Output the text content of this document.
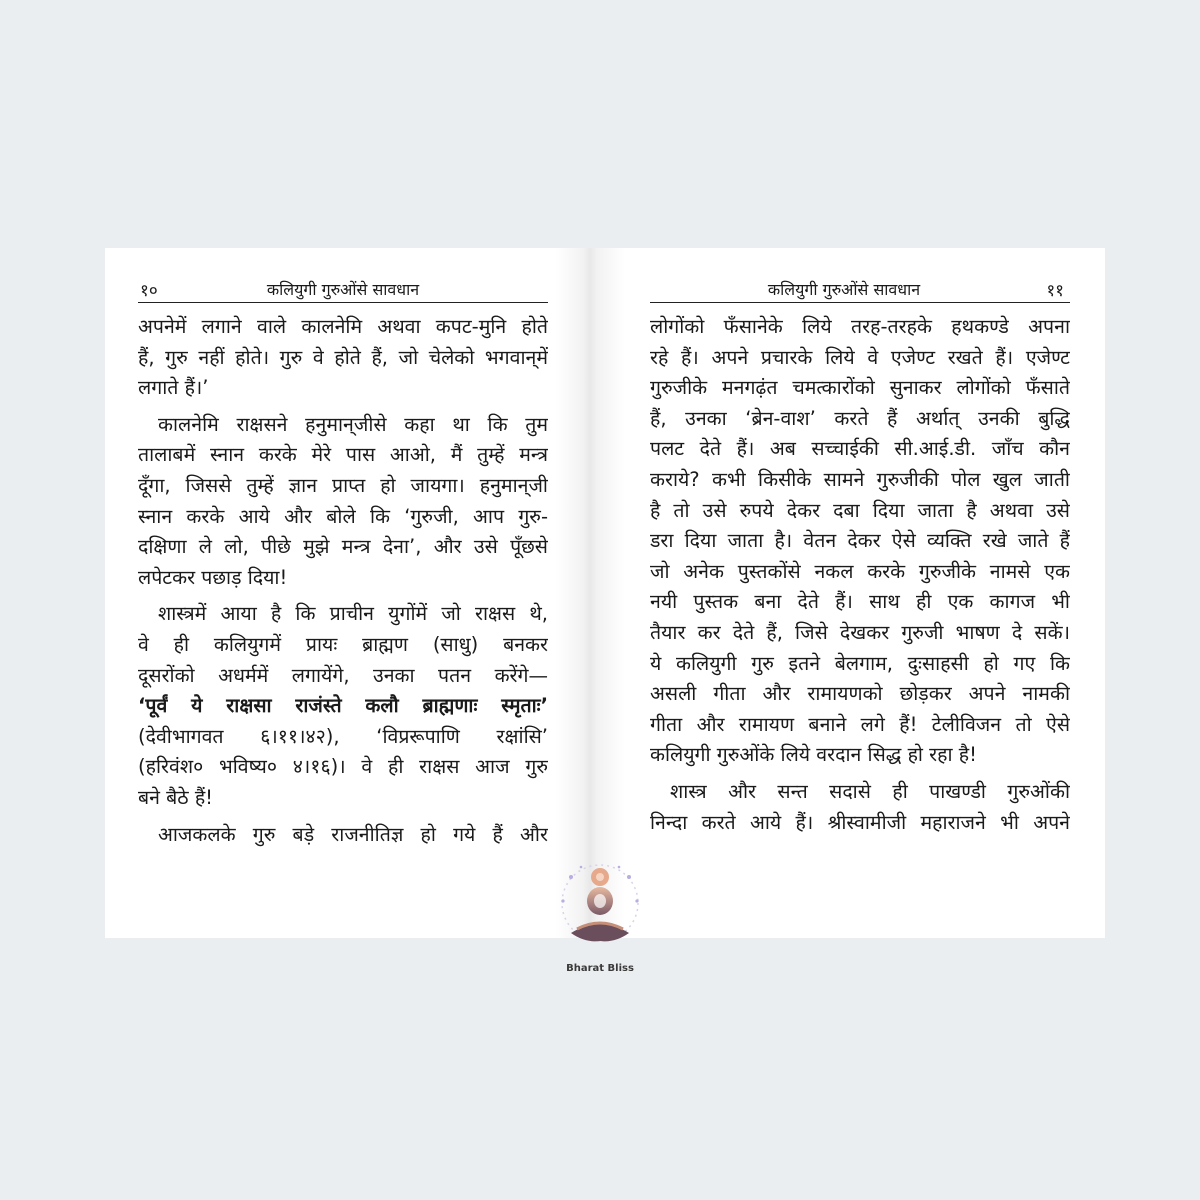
१०	कलियुगी गुरुओंसे सावधान
अपनेमें लगाने वाले कालनेमि अथवा कपट-मुनि होते
हैं, गुरु नहीं होते। गुरु वे होते हैं, जो चेलेको भगवान्‌में
लगाते हैं।’
कालनेमि राक्षसने हनुमान्‌जीसे कहा था कि तुम
तालाबमें स्नान करके मेरे पास आओ, मैं तुम्हें मन्त्र
दूँगा, जिससे तुम्हें ज्ञान प्राप्त हो जायगा। हनुमान्‌जी
स्नान करके आये और बोले कि ‘गुरुजी, आप गुरु-
दक्षिणा ले लो, पीछे मुझे मन्त्र देना’, और उसे पूँछसे
लपेटकर पछाड़ दिया!
शास्त्रमें आया है कि प्राचीन युगोंमें जो राक्षस थे,
वे ही कलियुगमें प्रायः ब्राह्मण (साधु) बनकर
दूसरोंको अधर्ममें लगायेंगे, उनका पतन करेंगे—
‘पूर्वं ये राक्षसा राजंस्ते कलौ ब्राह्मणाः स्मृताः’
(देवीभागवत ६।११।४२), ‘विप्ररूपाणि रक्षांसि’
(हरिवंश० भविष्य० ४।१६)। वे ही राक्षस आज गुरु
बने बैठे हैं!
आजकलके गुरु बड़े राजनीतिज्ञ हो गये हैं और
कलियुगी गुरुओंसे सावधान	११
लोगोंको फँसानेके लिये तरह-तरहके हथकण्डे अपना
रहे हैं। अपने प्रचारके लिये वे एजेण्ट रखते हैं। एजेण्ट
गुरुजीके मनगढ़ंत चमत्कारोंको सुनाकर लोगोंको फँसाते
हैं, उनका ‘ब्रेन-वाश’ करते हैं अर्थात् उनकी बुद्धि
पलट देते हैं। अब सच्चाईकी सी.आई.डी. जाँच कौन
कराये? कभी किसीके सामने गुरुजीकी पोल खुल जाती
है तो उसे रुपये देकर दबा दिया जाता है अथवा उसे
डरा दिया जाता है। वेतन देकर ऐसे व्यक्ति रखे जाते हैं
जो अनेक पुस्तकोंसे नकल करके गुरुजीके नामसे एक
नयी पुस्तक बना देते हैं। साथ ही एक कागज भी
तैयार कर देते हैं, जिसे देखकर गुरुजी भाषण दे सकें।
ये कलियुगी गुरु इतने बेलगाम, दुःसाहसी हो गए कि
असली गीता और रामायणको छोड़कर अपने नामकी
गीता और रामायण बनाने लगे हैं! टेलीविजन तो ऐसे
कलियुगी गुरुओंके लिये वरदान सिद्ध हो रहा है!
शास्त्र और सन्त सदासे ही पाखण्डी गुरुओंकी
निन्दा करते आये हैं। श्रीस्वामीजी महाराजने भी अपने
Bharat Bliss
